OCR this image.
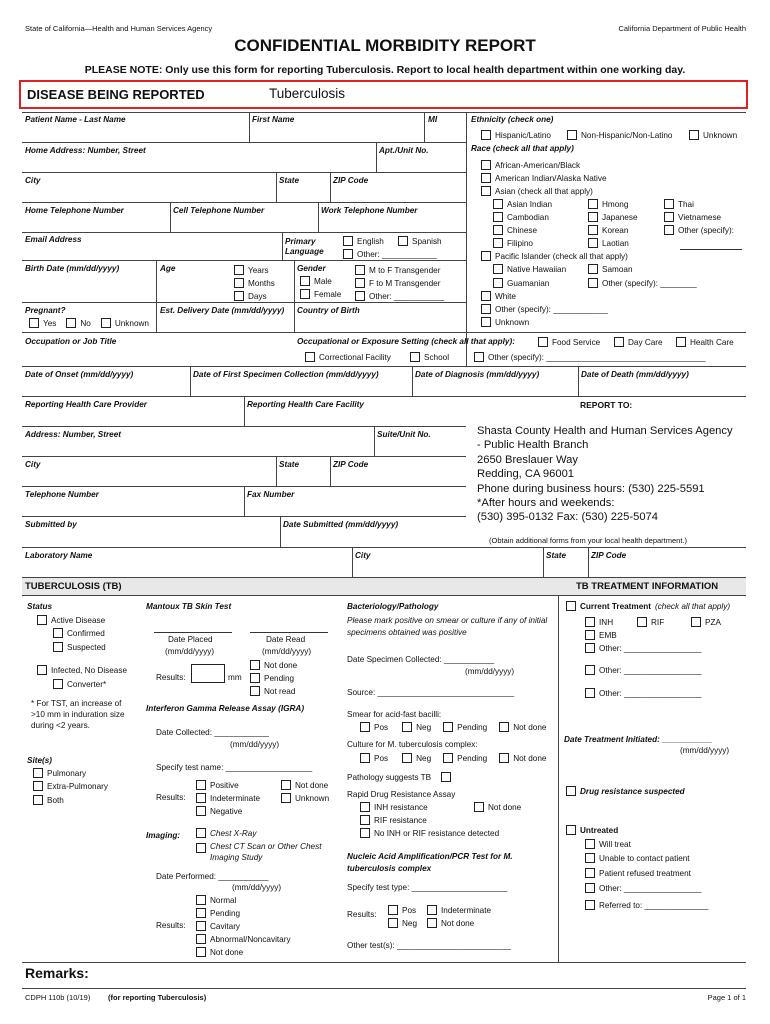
State of California—Health and Human Services Agency	California Department of Public Health
CONFIDENTIAL MORBIDITY REPORT
PLEASE NOTE: Only use this form for reporting Tuberculosis. Report to local health department within one working day.
DISEASE BEING REPORTED	Tuberculosis
Patient Name - Last Name	First Name	MI
Home Address: Number, Street	Apt./Unit No.
City	State	ZIP Code
Home Telephone Number	Cell Telephone Number	Work Telephone Number
Email Address	Primary Language
English	Spanish
Other: ____________
Birth Date (mm/dd/yyyy)	Age	Years
Months
Days
Gender
Male
Female
M to F Transgender
F to M Transgender
Other: ___________
Pregnant?
Yes	No	Unknown
Est. Delivery Date (mm/dd/yyyy) Country of Birth
Occupation or Job Title	Occupational or Exposure Setting (check all that apply):	Food Service	Day Care	Health Care
Correctional Facility	School	Other (specify): ___________________________________
Ethnicity (check one)
Hispanic/Latino	Non-Hispanic/Non-Latino	Unknown
Race (check all that apply)
African-American/Black
American Indian/Alaska Native
Asian (check all that apply)
Asian Indian
Cambodian
Chinese
Filipino
Hmong
Japanese
Korean
Laotian
Thai
Vietnamese
Other (specify):
Pacific Islander (check all that apply)
Native Hawaiian
Guamanian
Samoan
Other (specify): ________
White
Other (specify): ____________
Unknown
Date of Onset (mm/dd/yyyy)	Date of First Specimen Collection (mm/dd/yyyy)	Date of Diagnosis (mm/dd/yyyy)	Date of Death (mm/dd/yyyy)
Reporting Health Care Provider	Reporting Health Care Facility	REPORT TO:
Address: Number, Street	Suite/Unit No.
City	State	ZIP Code
Telephone Number	Fax Number
Submitted by	Date Submitted (mm/dd/yyyy)
Laboratory Name	City	State	ZIP Code
Shasta County Health and Human Services Agency
- Public Health Branch
2650 Breslauer Way
Redding, CA 96001
Phone during business hours: (530) 225-5591
*After hours and weekends:
(530) 395-0132 Fax: (530) 225-5074
(Obtain additional forms from your local health department.)
TUBERCULOSIS (TB)	TB TREATMENT INFORMATION
Status
Active Disease
Confirmed
Suspected
Infected, No Disease
Converter*
* For TST, an increase of >10 mm in induration size during <2 years.
Site(s)
Pulmonary
Extra-Pulmonary
Both
Mantoux TB Skin Test
Date Placed	Date Read
(mm/dd/yyyy)	(mm/dd/yyyy)
Results:	mm
Not done
Pending
Not read
Interferon Gamma Release Assay (IGRA)
Date Collected: ____________
(mm/dd/yyyy)
Specify test name: ___________________
Results:
Positive
Indeterminate
Negative
Not done
Unknown
Imaging:	Chest X-Ray
Chest CT Scan or Other Chest Imaging Study
Date Performed: ___________
(mm/dd/yyyy)
Results:
Normal
Pending
Cavitary
Abnormal/Noncavitary
Not done
Bacteriology/Pathology
Please mark positive on smear or culture if any of initial specimens obtained was positive
Date Specimen Collected: ___________
(mm/dd/yyyy)
Source: ______________________________
Smear for acid-fast bacilli:
Pos	Neg	Pending	Not done
Culture for M. tuberculosis complex:
Pos	Neg	Pending	Not done
Pathology suggests TB
Rapid Drug Resistance Assay
INH resistance	Not done
RIF resistance
No INH or RIF resistance detected
Nucleic Acid Amplification/PCR Test for M. tuberculosis complex
Specify test type: _____________________
Results:	Pos
Neg
Indeterminate
Not done
Other test(s): _________________________
Current Treatment (check all that apply)
INH	RIF	PZA
EMB
Other: _________________
Other: _________________
Other: _________________
Date Treatment Initiated: ___________
(mm/dd/yyyy)
Drug resistance suspected
Untreated
Will treat
Unable to contact patient
Patient refused treatment
Other: _________________
Referred to: ______________
Remarks:
CDPH 110b (10/19) (for reporting Tuberculosis)	Page 1 of 1
